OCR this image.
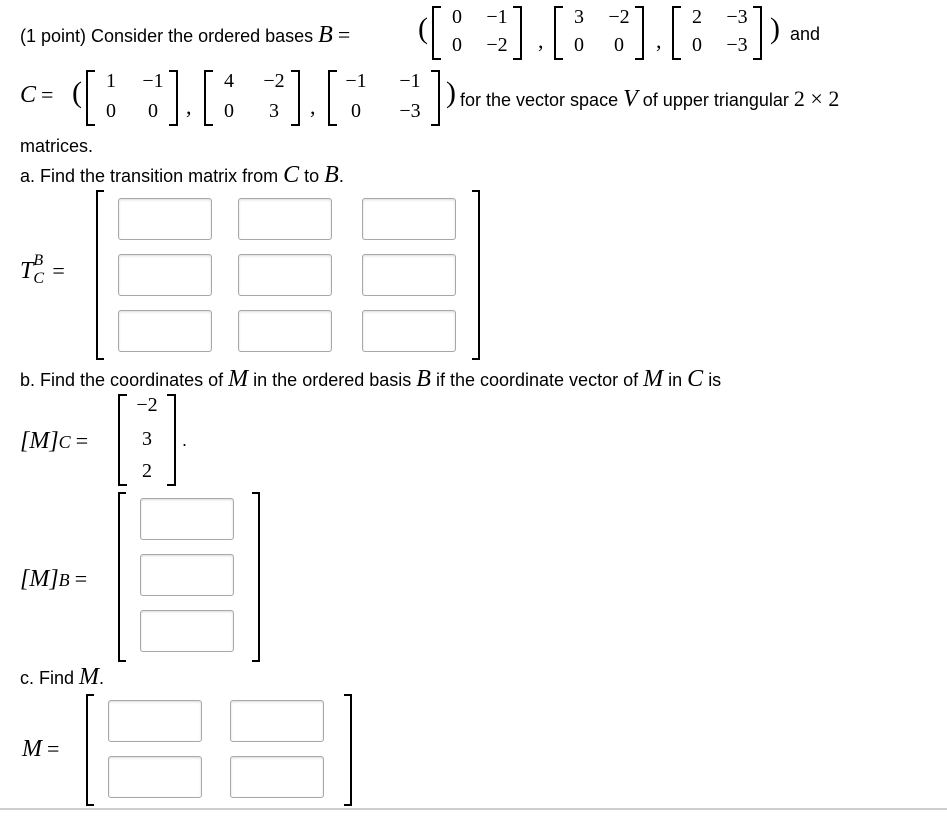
(1 point) Consider the ordered bases B = (	0	−1
0	−2	,
3	−2
0	0	,
2	−3
0	−3 ) and
C = (	1	−1
0	0	,
4	−2
0	3	,
−1	−1
0	−3
) for the vector space V of upper triangular 2 × 2
matrices.
a. Find the transition matrix from C to B.
T B
C =
b. Find the coordinates of M in the ordered basis B if the coordinate vector of M in C is
[M]C =
−2
3
2
.
[M]B =
c. Find M.
M =
